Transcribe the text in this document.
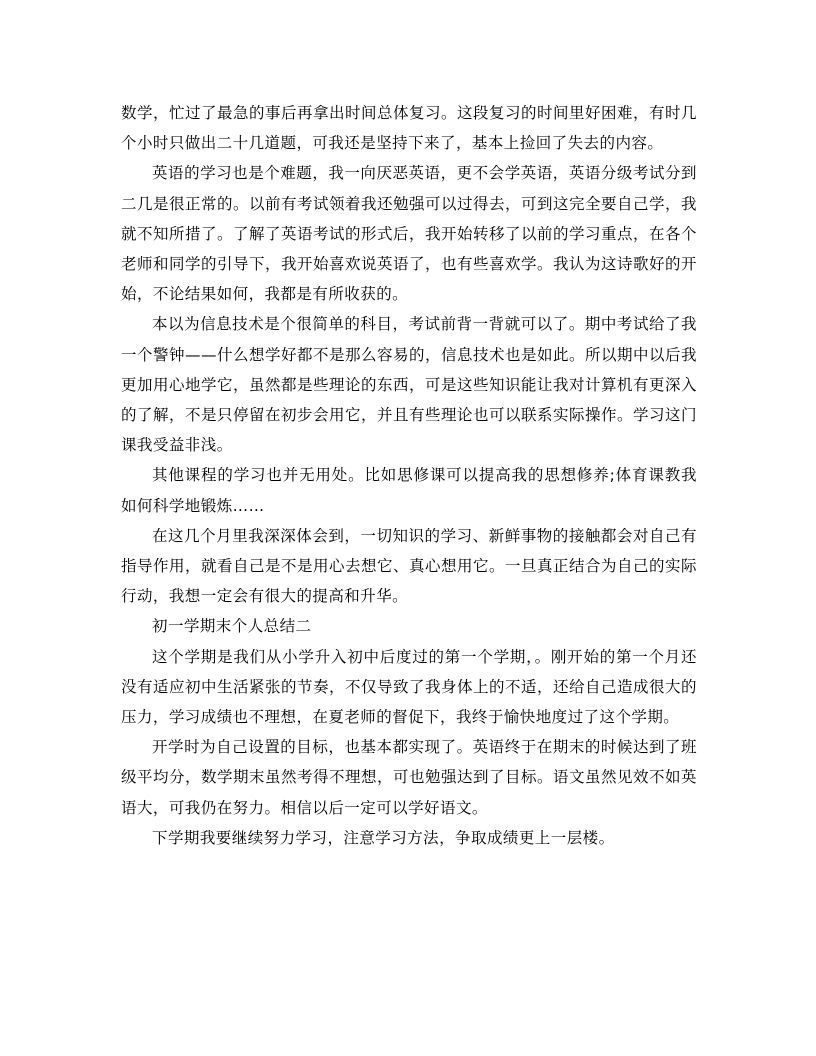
数学，忙过了最急的事后再拿出时间总体复习。这段复习的时间里好困难，有时几个小时只做出二十几道题，可我还是坚持下来了，基本上捡回了失去的内容。

英语的学习也是个难题，我一向厌恶英语，更不会学英语，英语分级考试分到二几是很正常的。以前有考试领着我还勉强可以过得去，可到这完全要自己学，我就不知所措了。了解了英语考试的形式后，我开始转移了以前的学习重点，在各个老师和同学的引导下，我开始喜欢说英语了，也有些喜欢学。我认为这诗歌好的开始，不论结果如何，我都是有所收获的。

本以为信息技术是个很简单的科目，考试前背一背就可以了。期中考试给了我一个警钟——什么想学好都不是那么容易的，信息技术也是如此。所以期中以后我更加用心地学它，虽然都是些理论的东西，可是这些知识能让我对计算机有更深入的了解，不是只停留在初步会用它，并且有些理论也可以联系实际操作。学习这门课我受益非浅。

其他课程的学习也并无用处。比如思修课可以提高我的思想修养;体育课教我如何科学地锻炼……

在这几个月里我深深体会到，一切知识的学习、新鲜事物的接触都会对自己有指导作用，就看自己是不是用心去想它、真心想用它。一旦真正结合为自己的实际行动，我想一定会有很大的提高和升华。

初一学期末个人总结二

这个学期是我们从小学升入初中后度过的第一个学期，。刚开始的第一个月还没有适应初中生活紧张的节奏，不仅导致了我身体上的不适，还给自己造成很大的压力，学习成绩也不理想，在夏老师的督促下，我终于愉快地度过了这个学期。

开学时为自己设置的目标，也基本都实现了。英语终于在期末的时候达到了班级平均分，数学期末虽然考得不理想，可也勉强达到了目标。语文虽然见效不如英语大，可我仍在努力。相信以后一定可以学好语文。

下学期我要继续努力学习，注意学习方法，争取成绩更上一层楼。
